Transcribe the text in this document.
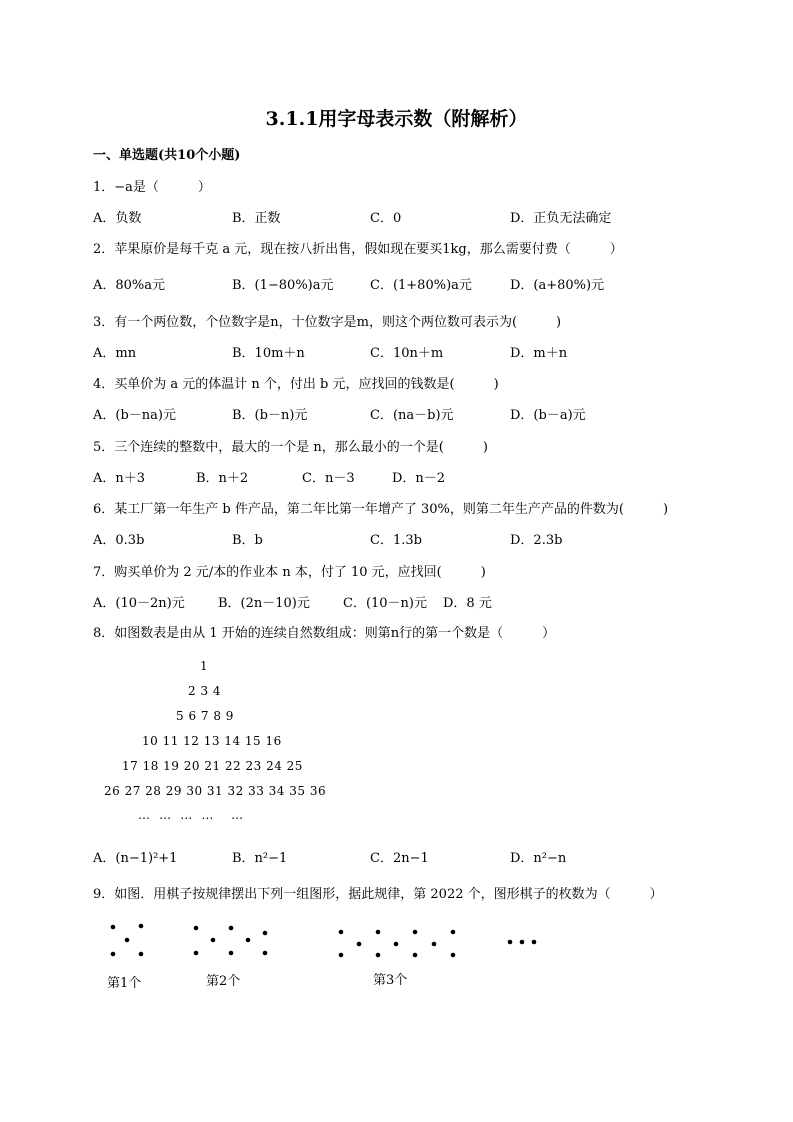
3.1.1用字母表示数（附解析）
一、单选题(共10个小题)
1．−a是（　　　）
A．负数	B．正数	C．0	D．正负无法确定
2．苹果原价是每千克 a 元，现在按八折出售，假如现在要买1kg，那么需要付费（　　　）
A．80%a元	B．(1−80%)a元	C．(1+80%)a元	D．(a+80%)元
3．有一个两位数，个位数字是n，十位数字是m，则这个两位数可表示为(　　　)
A．mn	B．10m＋n	C．10n＋m	D．m＋n
4．买单价为 a 元的体温计 n 个，付出 b 元，应找回的钱数是(　　　)
A．(b－na)元	B．(b－n)元	C．(na－b)元	D．(b－a)元
5．三个连续的整数中，最大的一个是 n，那么最小的一个是(　　　)
A．n＋3	B．n＋2	C．n－3	D．n－2
6．某工厂第一年生产 b 件产品，第二年比第一年增产了 30%，则第二年生产产品的件数为(　　　)
A．0.3b	B．b	C．1.3b	D．2.3b
7．购买单价为 2 元/本的作业本 n 本，付了 10 元，应找回(　　　)
A．(10－2n)元	B．(2n－10)元	C．(10－n)元 D．8 元
8．如图数表是由从 1 开始的连续自然数组成：则第n行的第一个数是（　　　）
1
2 3 4
5 6 7 8 9
10 11 12 13 14 15 16
17 18 19 20 21 22 23 24 25
26 27 28 29 30 31 32 33 34 35 36
…  …  …  …    …
A．(n−1)²+1	B．n²−1	C．2n−1	D．n²−n
9．如图．用棋子按规律摆出下列一组图形，据此规律，第 2022 个，图形棋子的枚数为（　　　）
第1个	第2个	第3个
